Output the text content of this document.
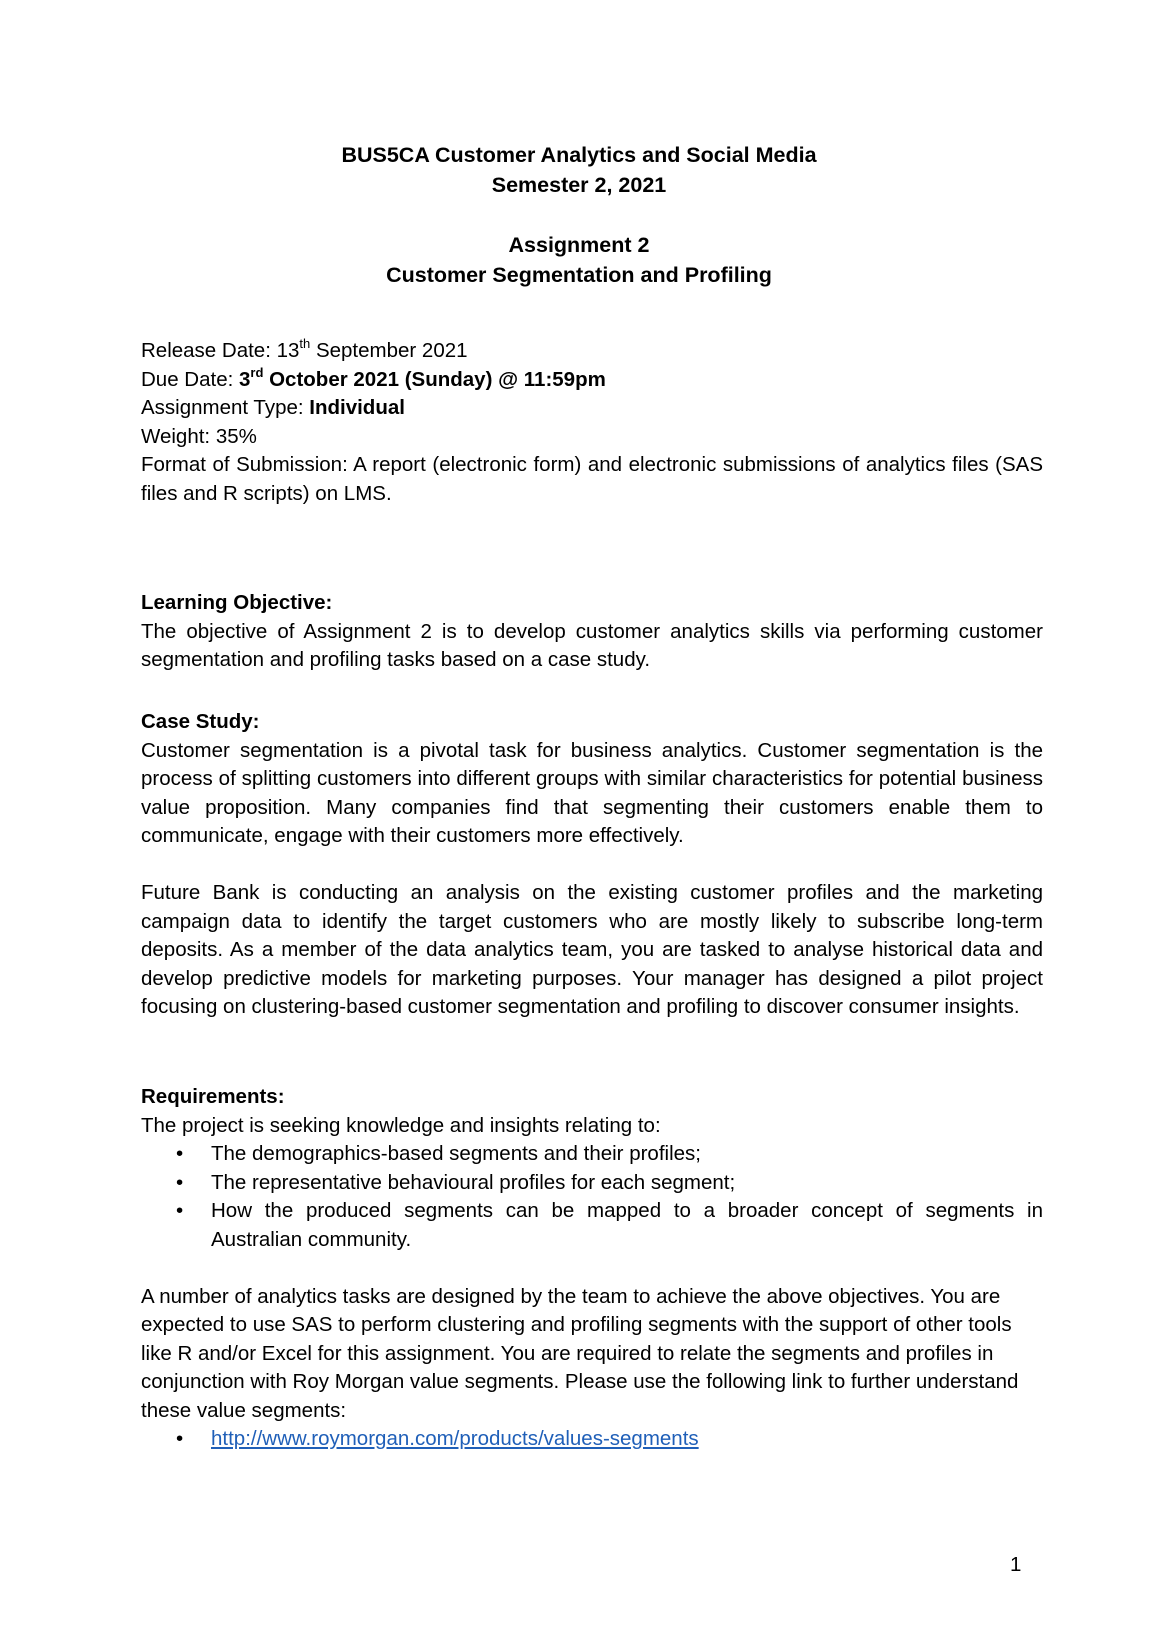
BUS5CA Customer Analytics and Social Media
Semester 2, 2021
Assignment 2
Customer Segmentation and Profiling
Release Date: 13th September 2021
Due Date: 3rd October 2021 (Sunday) @ 11:59pm
Assignment Type: Individual
Weight: 35%
Format of Submission: A report (electronic form) and electronic submissions of analytics files (SAS files and R scripts) on LMS.
Learning Objective:
The objective of Assignment 2 is to develop customer analytics skills via performing customer segmentation and profiling tasks based on a case study.
Case Study:
Customer segmentation is a pivotal task for business analytics. Customer segmentation is the process of splitting customers into different groups with similar characteristics for potential business value proposition. Many companies find that segmenting their customers enable them to communicate, engage with their customers more effectively.
Future Bank is conducting an analysis on the existing customer profiles and the marketing campaign data to identify the target customers who are mostly likely to subscribe long-term deposits. As a member of the data analytics team, you are tasked to analyse historical data and develop predictive models for marketing purposes. Your manager has designed a pilot project focusing on clustering-based customer segmentation and profiling to discover consumer insights.
Requirements:
The project is seeking knowledge and insights relating to:
• The demographics-based segments and their profiles;
• The representative behavioural profiles for each segment;
• How the produced segments can be mapped to a broader concept of segments in Australian community.
A number of analytics tasks are designed by the team to achieve the above objectives. You are expected to use SAS to perform clustering and profiling segments with the support of other tools like R and/or Excel for this assignment. You are required to relate the segments and profiles in conjunction with Roy Morgan value segments. Please use the following link to further understand these value segments:
• http://www.roymorgan.com/products/values-segments
1
